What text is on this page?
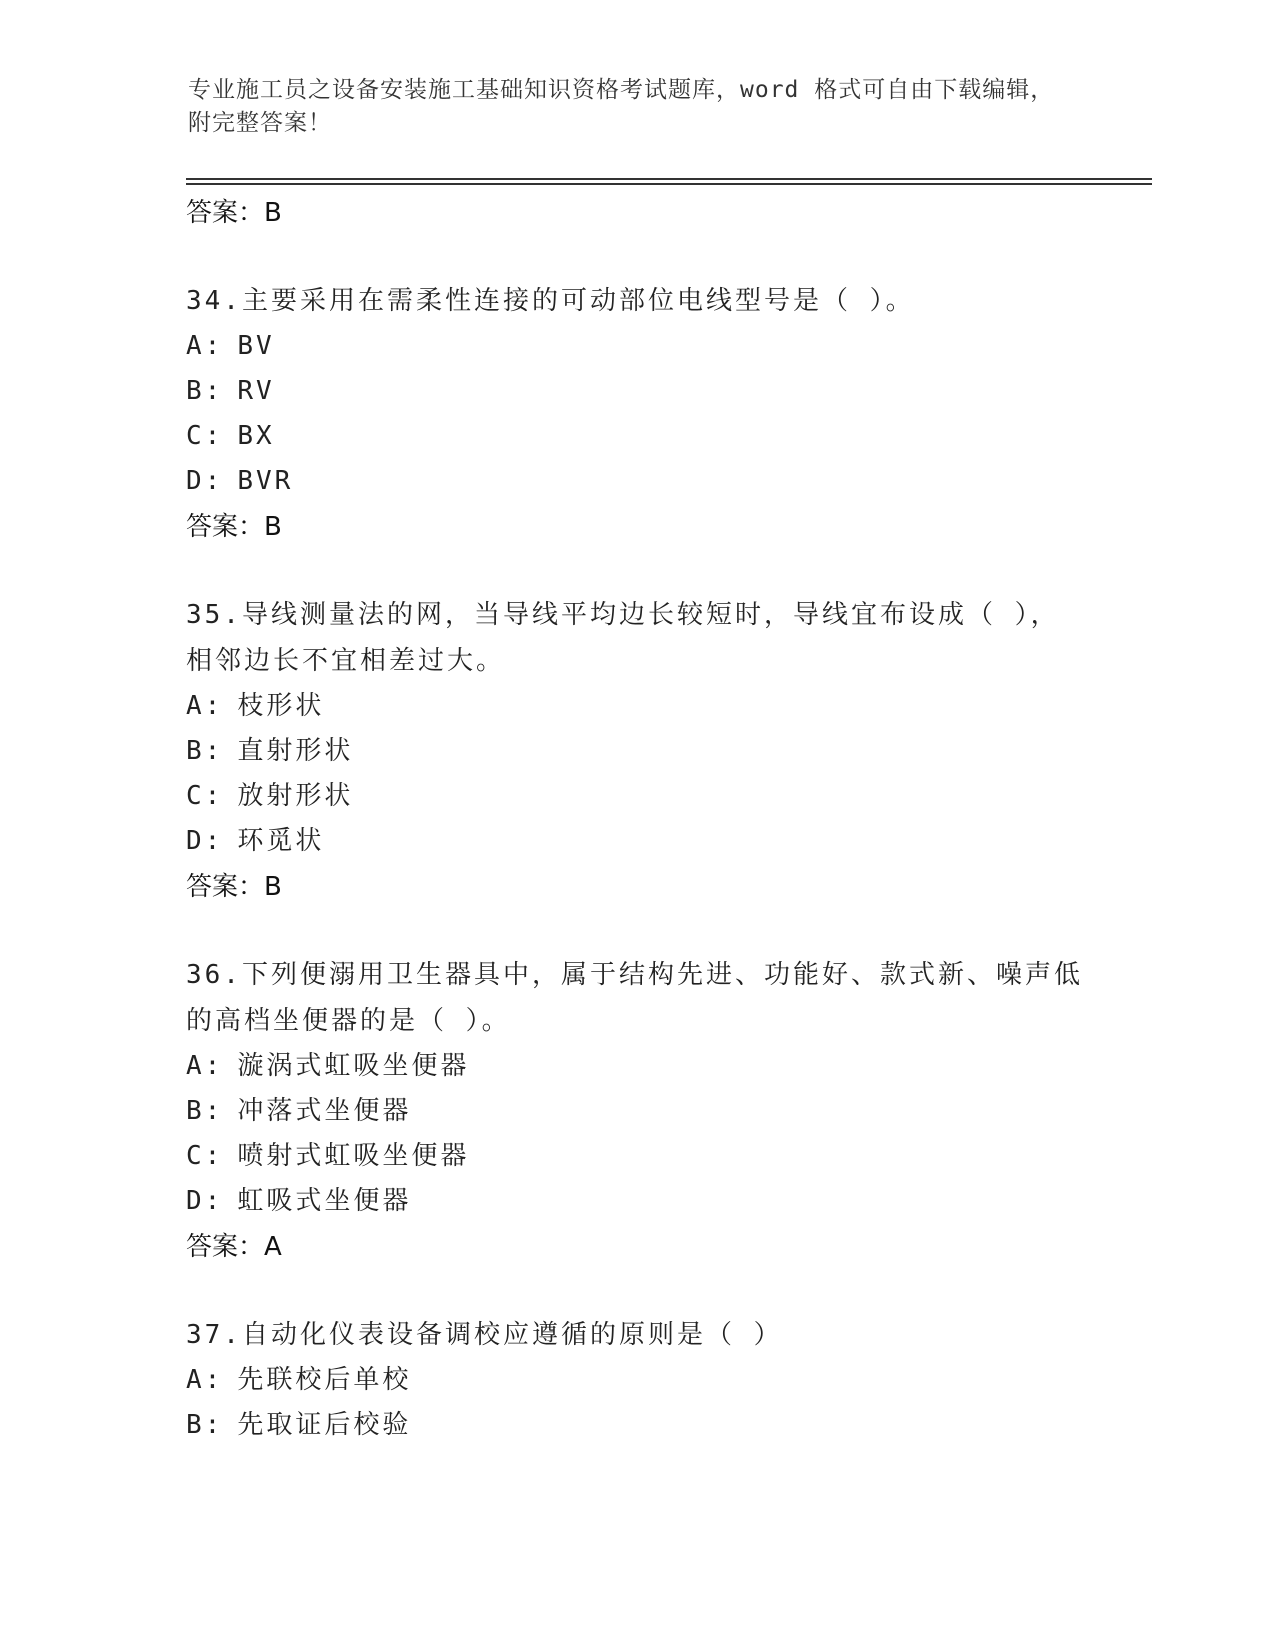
专业施工员之设备安装施工基础知识资格考试题库，word 格式可自由下载编辑，
附完整答案！
答案：B
34.主要采用在需柔性连接的可动部位电线型号是（ ）。
A: BV
B: RV
C: BX
D: BVR
答案：B
35.导线测量法的网，当导线平均边长较短时，导线宜布设成（ ），相邻边长不宜相差过大。
A: 枝形状
B: 直射形状
C: 放射形状
D: 环觅状
答案：B
36.下列便溺用卫生器具中，属于结构先进、功能好、款式新、噪声低的高档坐便器的是（ ）。
A: 漩涡式虹吸坐便器
B: 冲落式坐便器
C: 喷射式虹吸坐便器
D: 虹吸式坐便器
答案：A
37.自动化仪表设备调校应遵循的原则是（ ）
A: 先联校后单校
B: 先取证后校验
